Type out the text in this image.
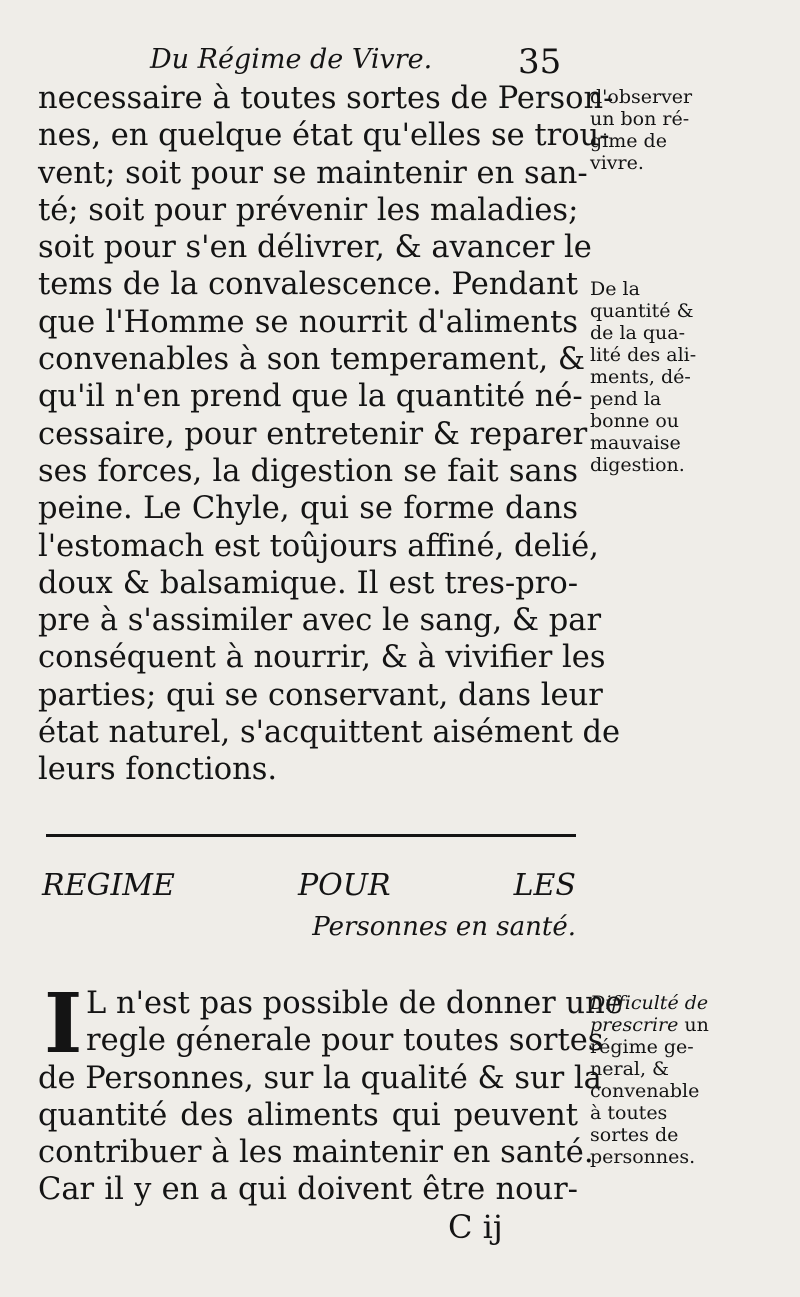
Du Régime de Vivre.	35
necessaire à toutes sortes de Person-
nes, en quelque état qu'elles se trou-
vent; soit pour se maintenir en san-
té; soit pour prévenir les maladies;
soit pour s'en délivrer, & avancer le
tems de la convalescence. Pendant
que l'Homme se nourrit d'aliments
convenables à son temperament, &
qu'il n'en prend que la quantité né-
cessaire, pour entretenir & reparer
ses forces, la digestion se fait sans
peine. Le Chyle, qui se forme dans
l'estomach est toûjours affiné, delié,
doux & balsamique. Il est tres-pro-
pre à s'assimiler avec le sang, & par
conséquent à nourrir, & à vivifier les
parties; qui se conservant, dans leur
état naturel, s'acquittent aisément de
leurs fonctions.
d'observer
un bon ré-
gime de
vivre.
De la
quantité &
de la qua-
lité des ali-
ments, dé-
pend la
bonne ou
mauvaise
digestion.
REGIME	POUR	LES
Personnes en santé.
I L n'est pas possible de donner une
regle génerale pour toutes sortes
de Personnes, sur la qualité & sur la
quantité des aliments qui peuvent
contribuer à les maintenir en santé.
Car il y en a qui doivent être nour-
Difficulté de
prescrire un
régime ge-
neral, &
convenable
à toutes
sortes de
personnes.
C ij
